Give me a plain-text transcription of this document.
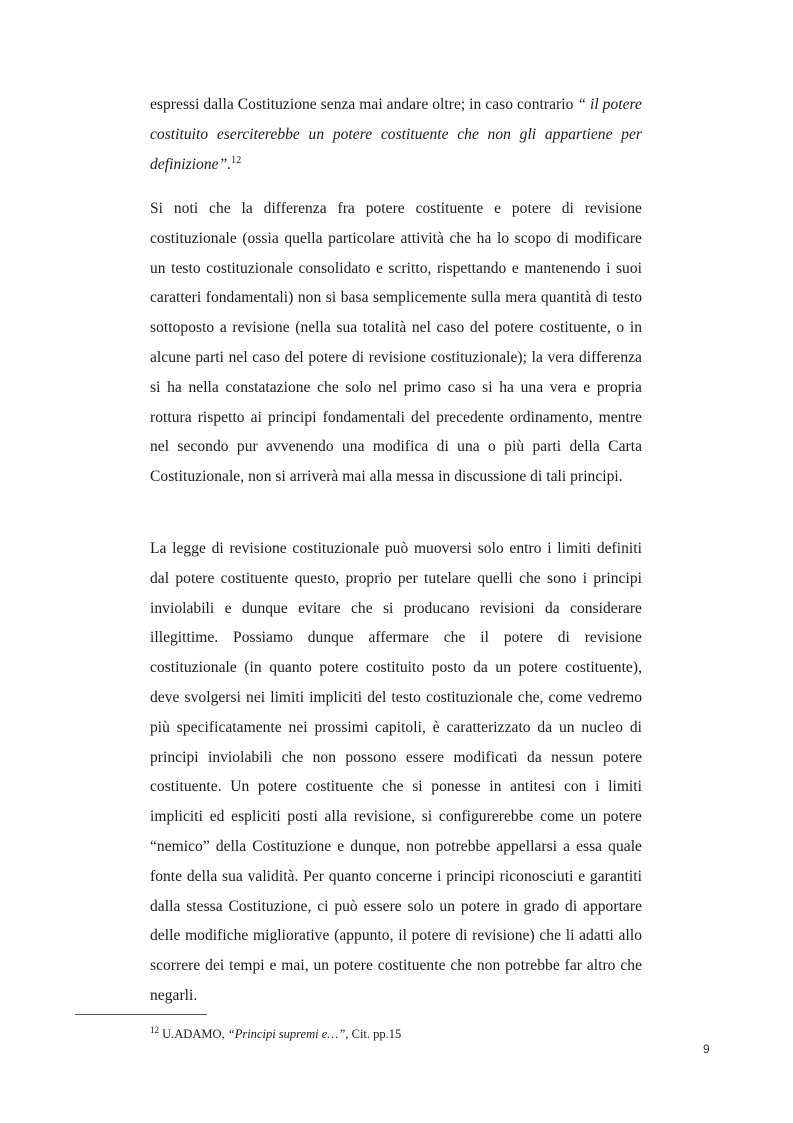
espressi dalla Costituzione senza mai andare oltre; in caso contrario “ il potere costituito eserciterebbe un potere costituente che non gli appartiene per definizione”.$^{12}$

Si noti che la differenza fra potere costituente e potere di revisione costituzionale (ossia quella particolare attività che ha lo scopo di modificare un testo costituzionale consolidato e scritto, rispettando e mantenendo i suoi caratteri fondamentali) non si basa semplicemente sulla mera quantità di testo sottoposto a revisione (nella sua totalità nel caso del potere costituente, o in alcune parti nel caso del potere di revisione costituzionale); la vera differenza si ha nella constatazione che solo nel primo caso si ha una vera e propria rottura rispetto ai principi fondamentali del precedente ordinamento, mentre nel secondo pur avvenendo una modifica di una o più parti della Carta Costituzionale, non si arriverà mai alla messa in discussione di tali principi.

La legge di revisione costituzionale può muoversi solo entro i limiti definiti dal potere costituente questo, proprio per tutelare quelli che sono i principi inviolabili e dunque evitare che si producano revisioni da considerare illegittime. Possiamo dunque affermare che il potere di revisione costituzionale (in quanto potere costituito posto da un potere costituente), deve svolgersi nei limiti impliciti del testo costituzionale che, come vedremo più specificatamente nei prossimi capitoli, è caratterizzato da un nucleo di principi inviolabili che non possono essere modificati da nessun potere costituente. Un potere costituente che si ponesse in antitesi con i limiti impliciti ed espliciti posti alla revisione, si configurerebbe come un potere “nemico” della Costituzione e dunque, non potrebbe appellarsi a essa quale fonte della sua validità. Per quanto concerne i principi riconosciuti e garantiti dalla stessa Costituzione, ci può essere solo un potere in grado di apportare delle modifiche migliorative (appunto, il potere di revisione) che li adatti allo scorrere dei tempi e mai, un potere costituente che non potrebbe far altro che negarli.

$^{12}$ U.ADAMO, “Principi supremi e…”, Cit. pp.15
9
